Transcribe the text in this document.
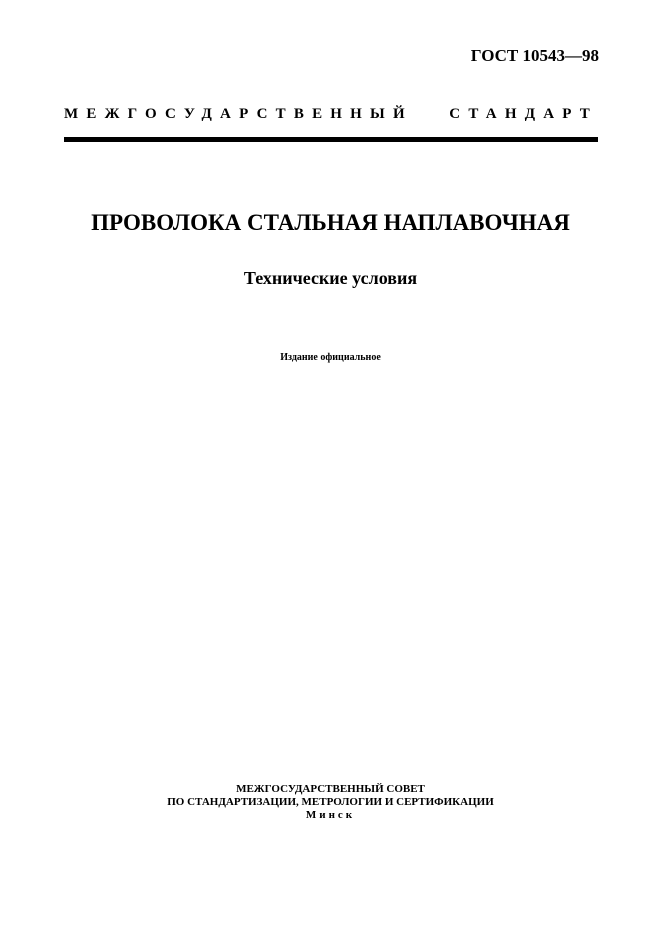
ГОСТ 10543—98
МЕЖГОСУДАРСТВЕННЫЙ СТАНДАРТ
ПРОВОЛОКА СТАЛЬНАЯ НАПЛАВОЧНАЯ
Технические условия
Издание официальное
МЕЖГОСУДАРСТВЕННЫЙ СОВЕТ
ПО СТАНДАРТИЗАЦИИ, МЕТРОЛОГИИ И СЕРТИФИКАЦИИ
Минск
